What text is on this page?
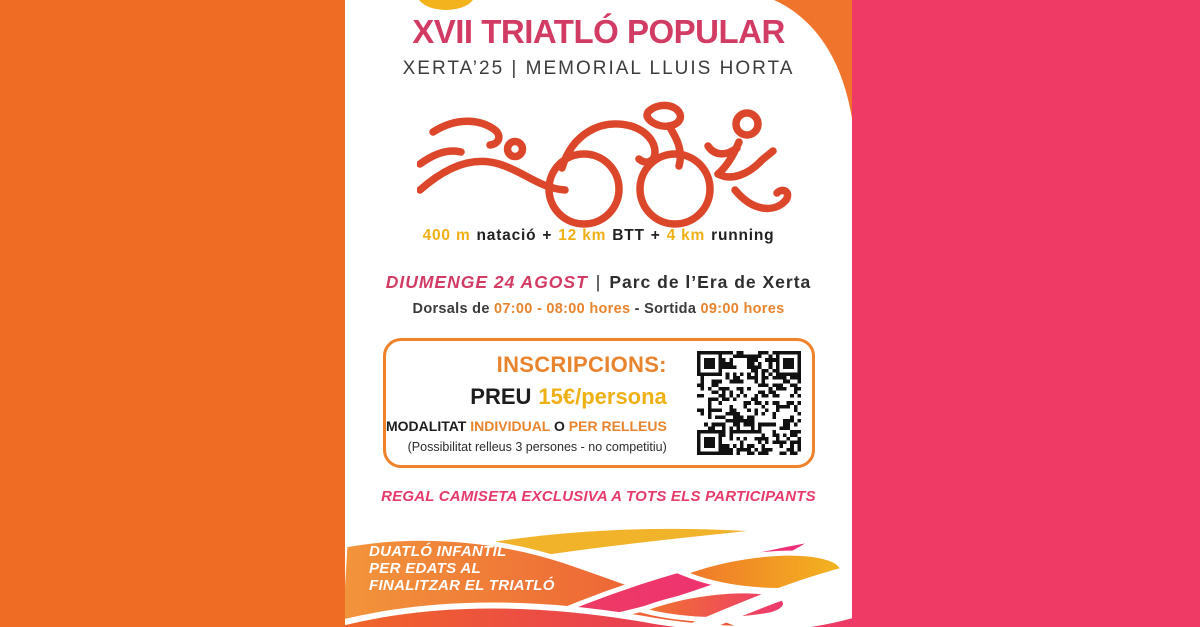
XVII TRIATLÓ POPULAR
XERTA’25 | MEMORIAL LLUIS HORTA
400 m natació + 12 km BTT + 4 km running
DIUMENGE 24 AGOST | Parc de l’Era de Xerta
Dorsals de 07:00 - 08:00 hores - Sortida 09:00 hores
INSCRIPCIONS:
PREU 15€/persona
MODALITAT INDIVIDUAL O PER RELLEUS
(Possibilitat relleus 3 persones - no competitiu)
REGAL CAMISETA EXCLUSIVA A TOTS ELS PARTICIPANTS
DUATLÓ INFANTIL
PER EDATS AL
FINALITZAR EL TRIATLÓ
